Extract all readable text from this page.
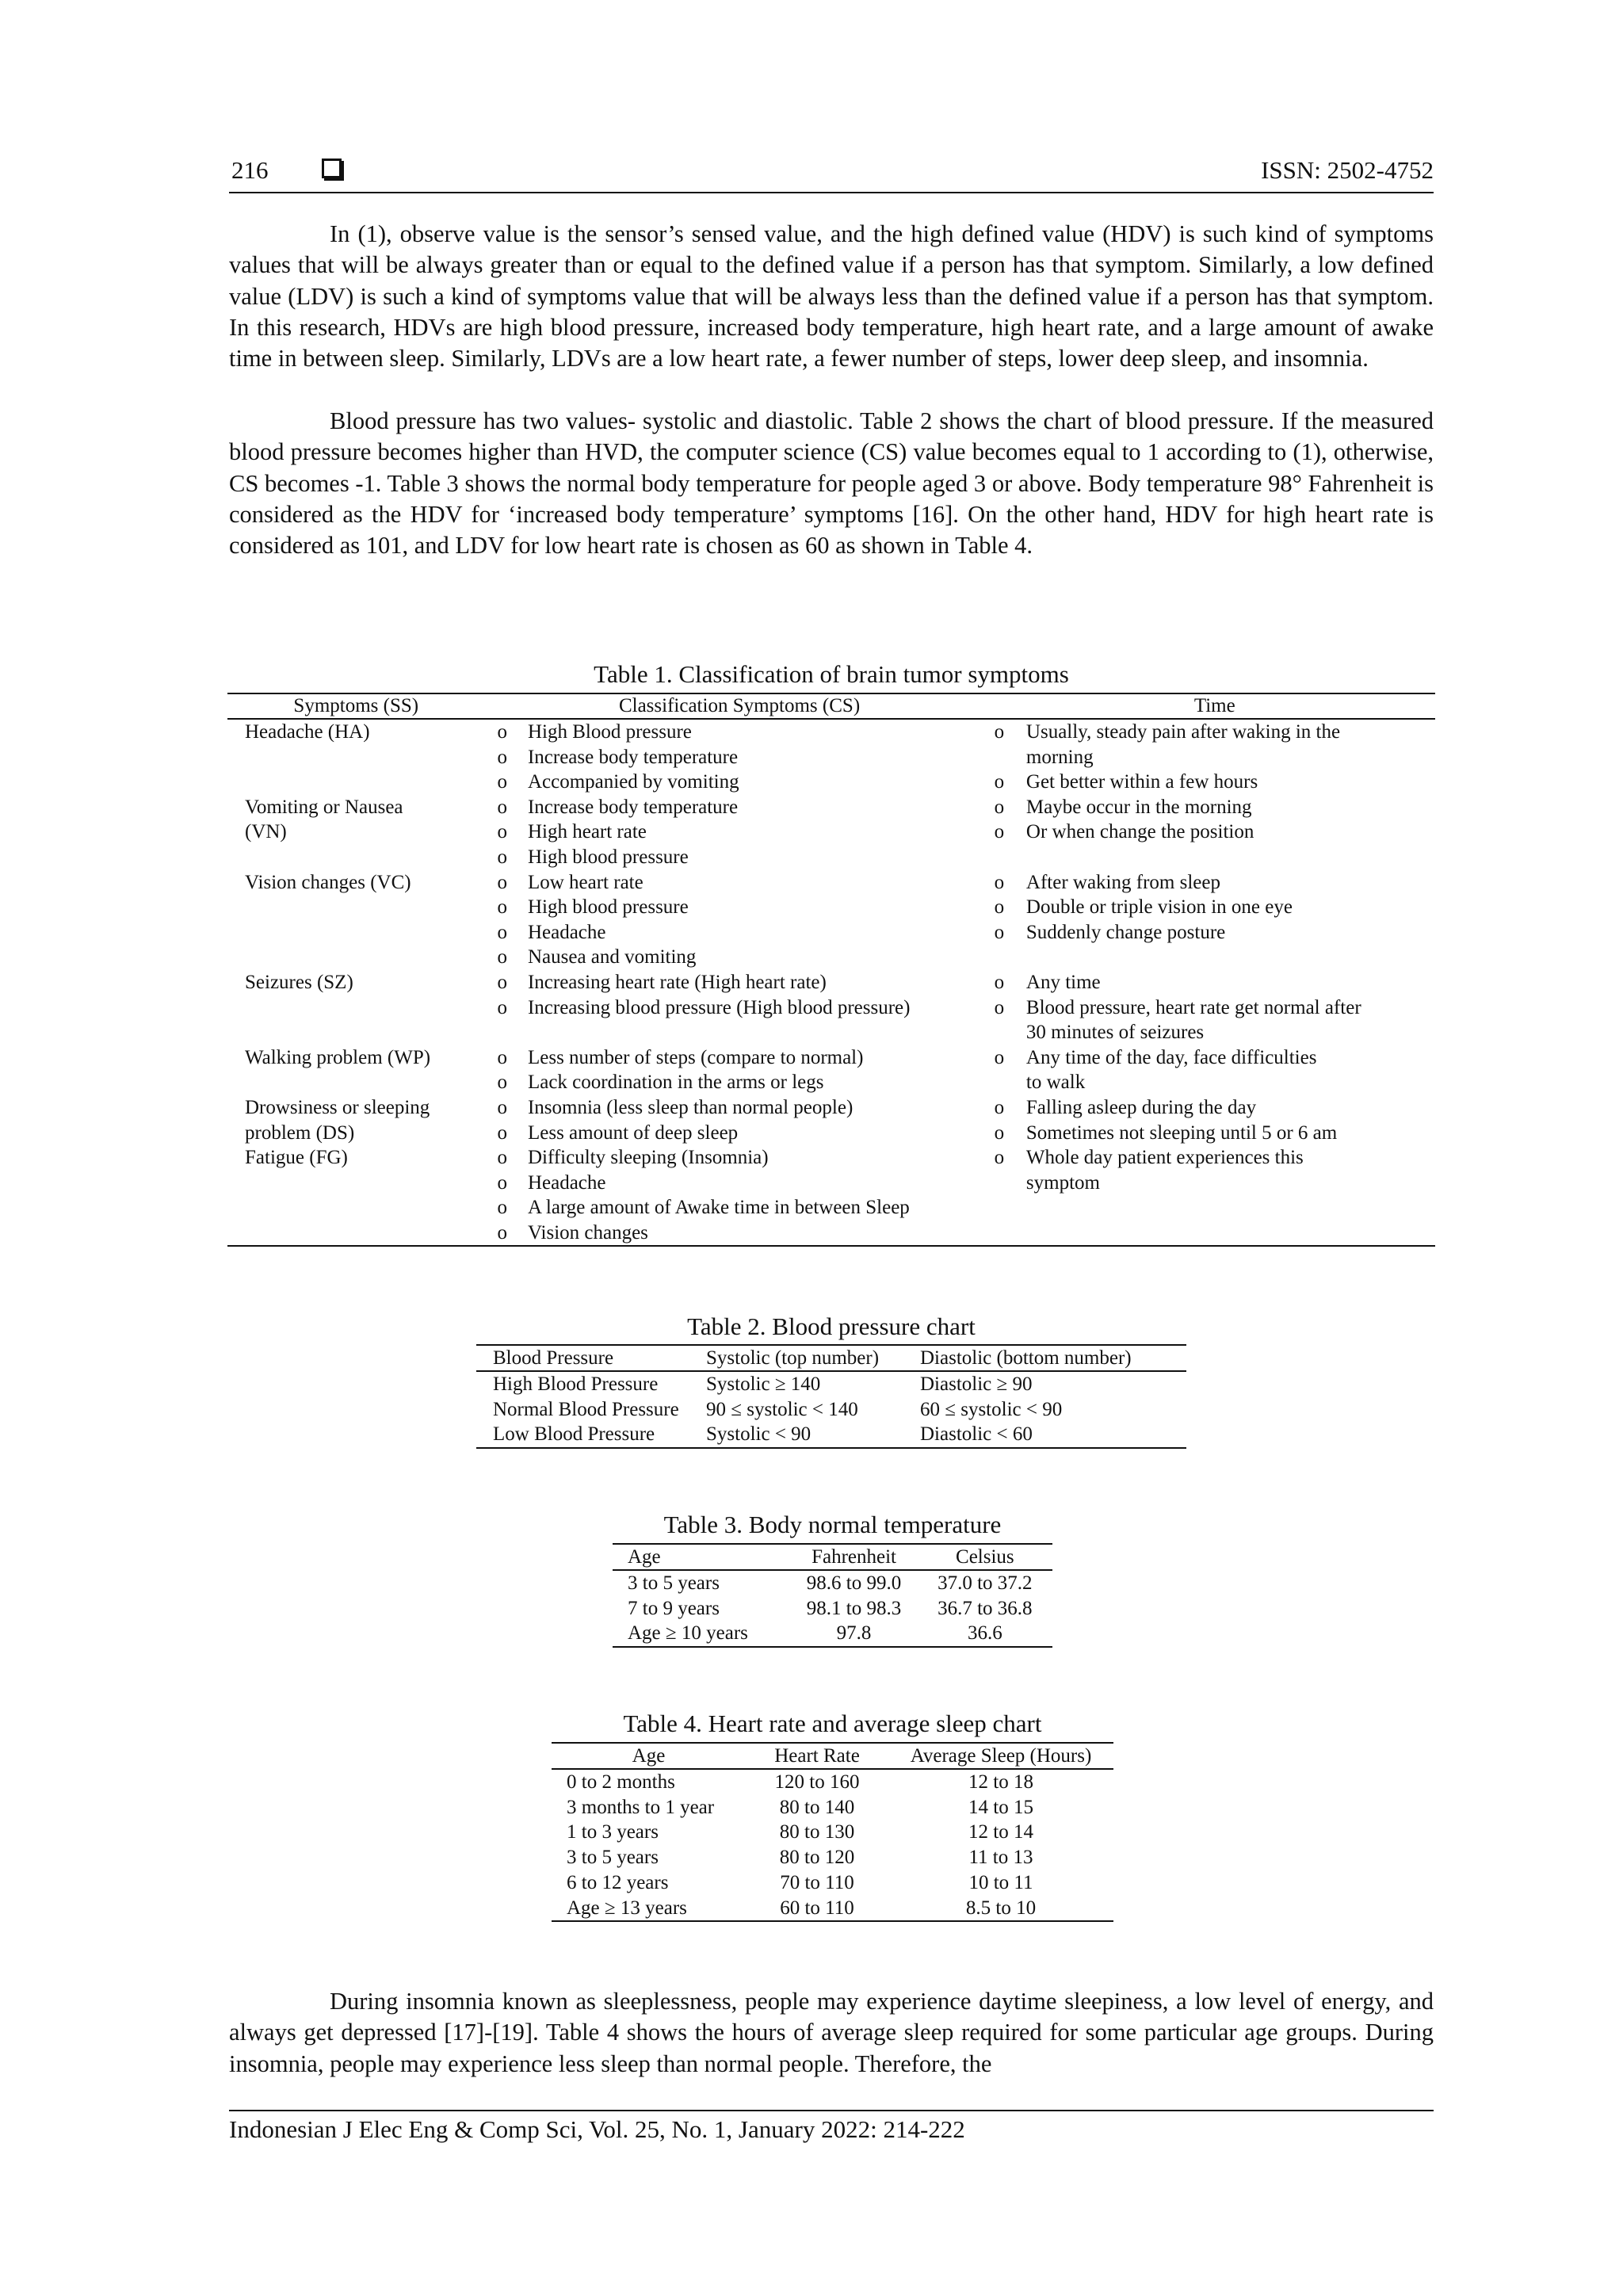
216	ISSN: 2502-4752

In (1), observe value is the sensor’s sensed value, and the high defined value (HDV) is such kind of symptoms values that will be always greater than or equal to the defined value if a person has that symptom. Similarly, a low defined value (LDV) is such a kind of symptoms value that will be always less than the defined value if a person has that symptom. In this research, HDVs are high blood pressure, increased body temperature, high heart rate, and a large amount of awake time in between sleep. Similarly, LDVs are a low heart rate, a fewer number of steps, lower deep sleep, and insomnia.

Blood pressure has two values- systolic and diastolic. Table 2 shows the chart of blood pressure. If the measured blood pressure becomes higher than HVD, the computer science (CS) value becomes equal to 1 according to (1), otherwise, CS becomes -1. Table 3 shows the normal body temperature for people aged 3 or above. Body temperature 98° Fahrenheit is considered as the HDV for ‘increased body temperature’ symptoms [16]. On the other hand, HDV for high heart rate is considered as 101, and LDV for low heart rate is chosen as 60 as shown in Table 4.

Table 1. Classification of brain tumor symptoms
Symptoms (SS)	Classification Symptoms (CS)		Time	
Headache (HA)	o	High Blood pressure	o	Usually, steady pain after waking in the
	o	Increase body temperature		morning
	o	Accompanied by vomiting	o	Get better within a few hours
Vomiting or Nausea	o	Increase body temperature	o	Maybe occur in the morning
(VN)	o	High heart rate	o	Or when change the position
	o	High blood pressure		
Vision changes (VC)	o	Low heart rate	o	After waking from sleep
	o	High blood pressure	o	Double or triple vision in one eye
	o	Headache	o	Suddenly change posture
	o	Nausea and vomiting		
Seizures (SZ)	o	Increasing heart rate (High heart rate)	o	Any time
	o	Increasing blood pressure (High blood pressure)	o	Blood pressure, heart rate get normal after
				30 minutes of seizures
Walking problem (WP)	o	Less number of steps (compare to normal)	o	Any time of the day, face difficulties
	o	Lack coordination in the arms or legs		to walk
Drowsiness or sleeping	o	Insomnia (less sleep than normal people)	o	Falling asleep during the day
problem (DS)	o	Less amount of deep sleep	o	Sometimes not sleeping until 5 or 6 am
Fatigue (FG)	o	Difficulty sleeping (Insomnia)	o	Whole day patient experiences this
	o	Headache		symptom
	o	A large amount of Awake time in between Sleep		
	o	Vision changes		
Table 2. Blood pressure chart
Blood Pressure	Systolic (top number)	Diastolic (bottom number)
High Blood Pressure	Systolic ≥ 140	Diastolic ≥ 90
Normal Blood Pressure	90 ≤ systolic < 140	60 ≤ systolic < 90
Low Blood Pressure	Systolic < 90	Diastolic < 60
Table 3. Body normal temperature
Age	Fahrenheit	Celsius
3 to 5 years	98.6 to 99.0	37.0 to 37.2
7 to 9 years	98.1 to 98.3	36.7 to 36.8
Age ≥ 10 years	97.8	36.6
Table 4. Heart rate and average sleep chart
Age	Heart Rate	Average Sleep (Hours)
0 to 2 months	120 to 160	12 to 18
3 months to 1 year	80 to 140	14 to 15
1 to 3 years	80 to 130	12 to 14
3 to 5 years	80 to 120	11 to 13
6 to 12 years	70 to 110	10 to 11
Age ≥ 13 years	60 to 110	8.5 to 10

During insomnia known as sleeplessness, people may experience daytime sleepiness, a low level of energy, and always get depressed [17]-[19]. Table 4 shows the hours of average sleep required for some particular age groups. During insomnia, people may experience less sleep than normal people. Therefore, the

Indonesian J Elec Eng & Comp Sci, Vol. 25, No. 1, January 2022: 214-222
